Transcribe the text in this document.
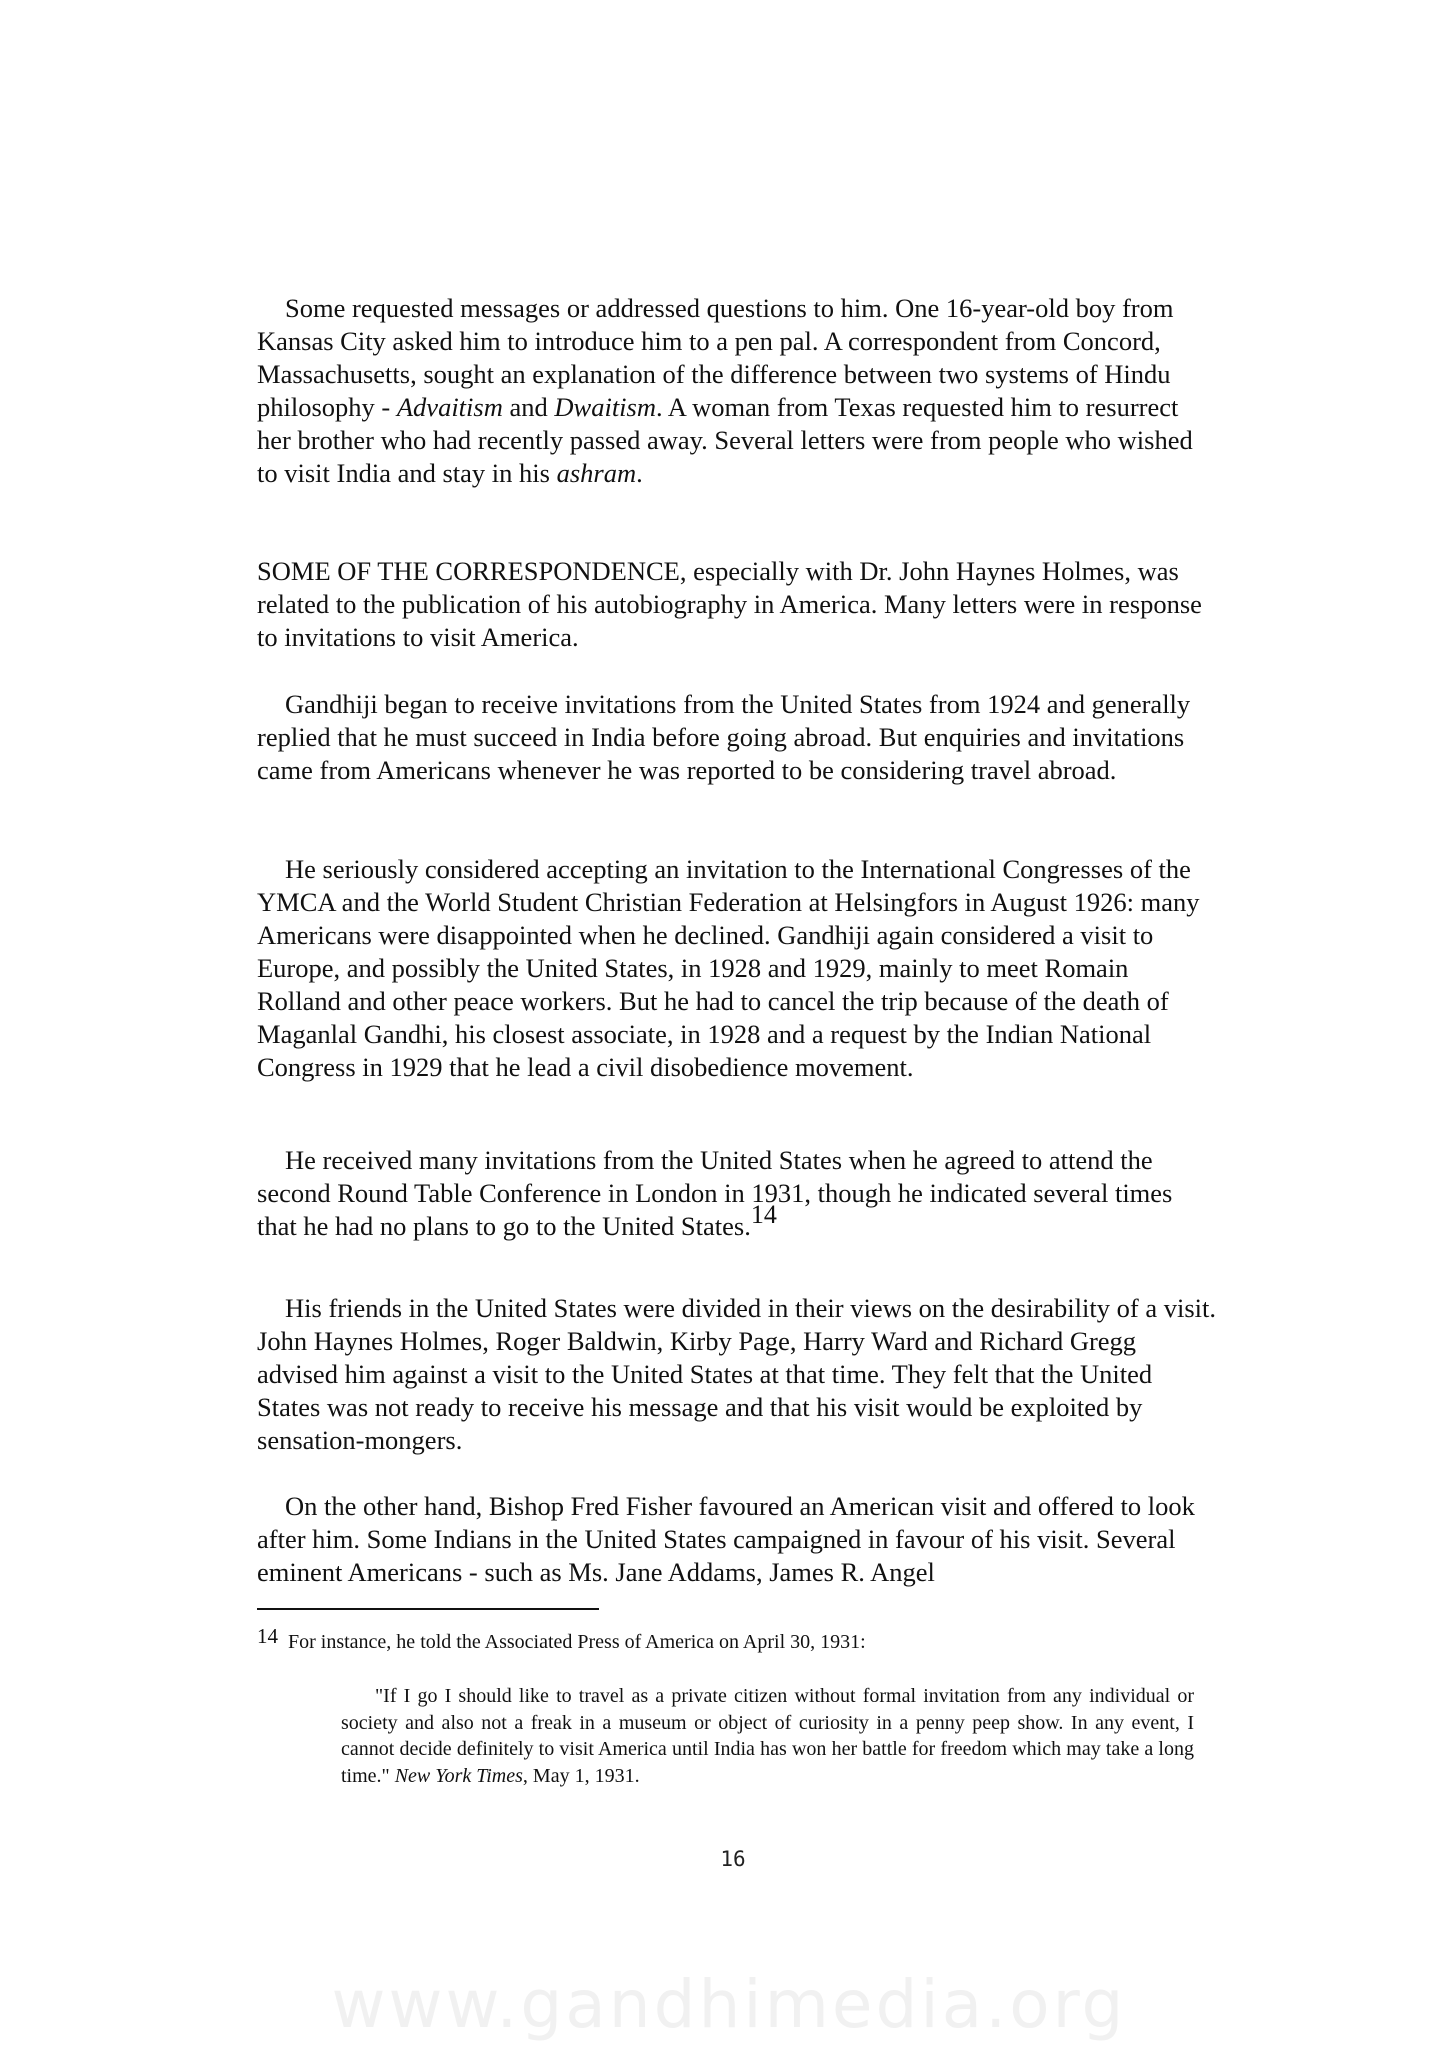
Some requested messages or addressed questions to him. One 16-year-old boy from Kansas City asked him to introduce him to a pen pal. A correspondent from Concord, Massachusetts, sought an explanation of the difference between two systems of Hindu philosophy - Advaitism and Dwaitism. A woman from Texas requested him to resurrect her brother who had recently passed away. Several letters were from people who wished to visit India and stay in his ashram.

SOME OF THE CORRESPONDENCE, especially with Dr. John Haynes Holmes, was related to the publication of his autobiography in America. Many letters were in response to invitations to visit America.

Gandhiji began to receive invitations from the United States from 1924 and generally replied that he must succeed in India before going abroad. But enquiries and invitations came from Americans whenever he was reported to be considering travel abroad.

He seriously considered accepting an invitation to the International Congresses of the YMCA and the World Student Christian Federation at Helsingfors in August 1926: many Americans were disappointed when he declined. Gandhiji again considered a visit to Europe, and possibly the United States, in 1928 and 1929, mainly to meet Romain Rolland and other peace workers. But he had to cancel the trip because of the death of Maganlal Gandhi, his closest associate, in 1928 and a request by the Indian National Congress in 1929 that he lead a civil disobedience movement.

He received many invitations from the United States when he agreed to attend the second Round Table Conference in London in 1931, though he indicated several times that he had no plans to go to the United States.14

His friends in the United States were divided in their views on the desirability of a visit. John Haynes Holmes, Roger Baldwin, Kirby Page, Harry Ward and Richard Gregg advised him against a visit to the United States at that time. They felt that the United States was not ready to receive his message and that his visit would be exploited by sensation-mongers.

On the other hand, Bishop Fred Fisher favoured an American visit and offered to look after him. Some Indians in the United States campaigned in favour of his visit. Several eminent Americans - such as Ms. Jane Addams, James R. Angel

14 For instance, he told the Associated Press of America on April 30, 1931:

"If I go I should like to travel as a private citizen without formal invitation from any individual or society and also not a freak in a museum or object of curiosity in a penny peep show. In any event, I cannot decide definitely to visit America until India has won her battle for freedom which may take a long time." New York Times, May 1, 1931.

16
www.gandhimedia.org
